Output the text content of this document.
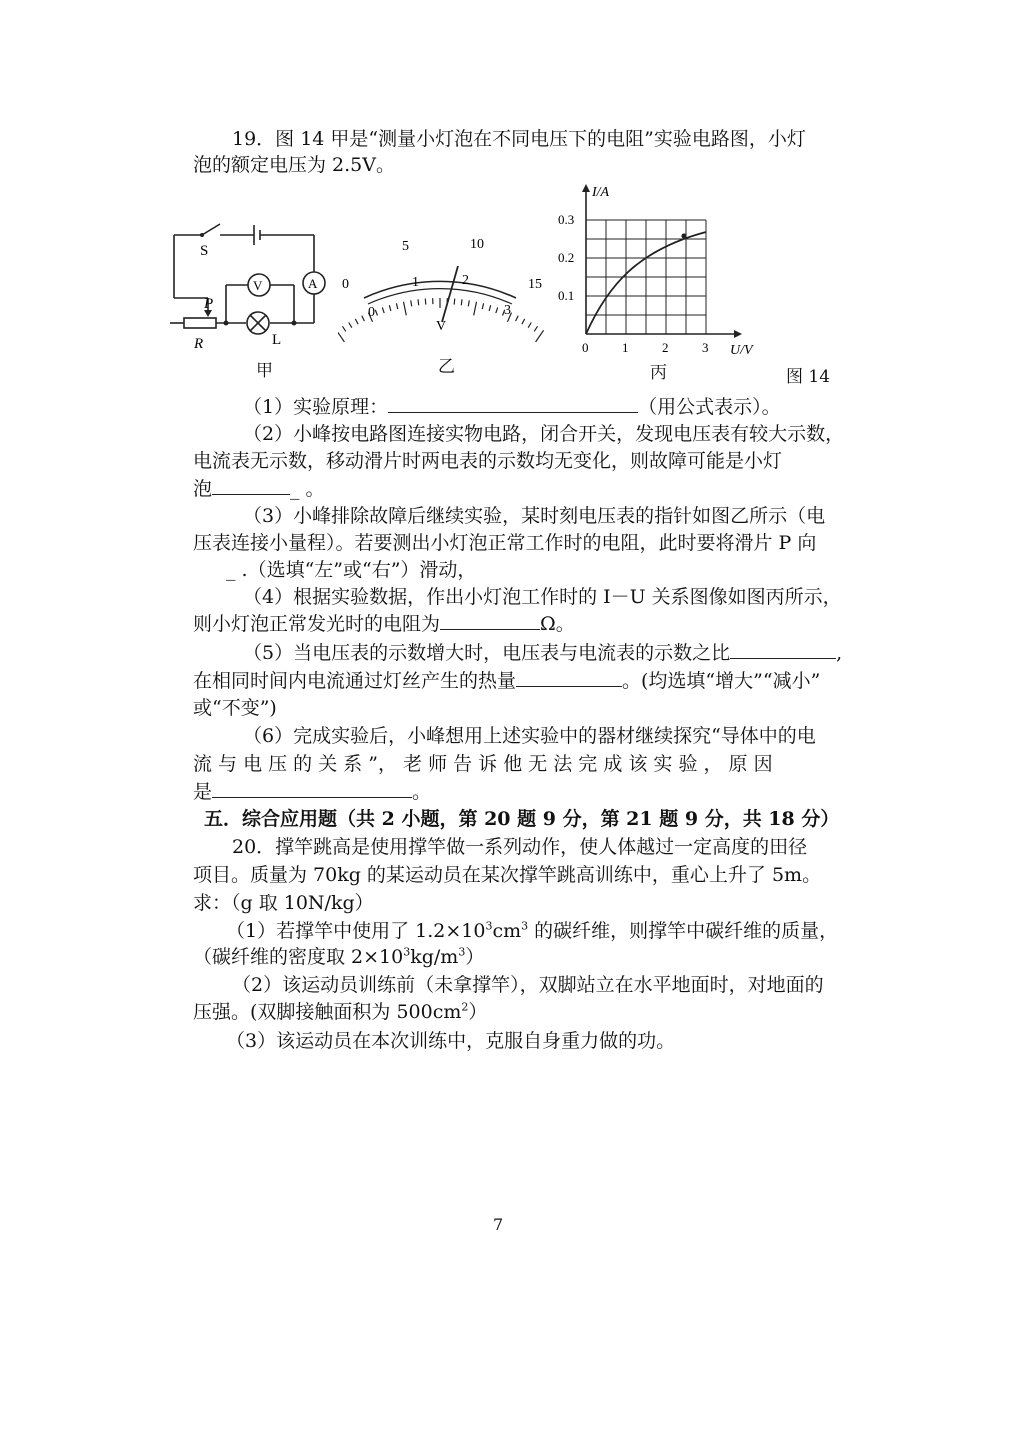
19．图 14 甲是“测量小灯泡在不同电压下的电阻”实验电路图，小灯
泡的额定电压为 2.5V。
S
V	A
P
R	L
甲
0
5	10
15
0
1	2
3
V
乙
I/A
0.3
0.2
0.1
0	1	2	3 U/V
丙	图 14
（1）实验原理：	（用公式表示）。
（2）小峰按电路图连接实物电路，闭合开关，发现电压表有较大示数，
电流表无示数，移动滑片时两电表的示数均无变化，则故障可能是小灯
泡	_ 。
（3）小峰排除故障后继续实验，某时刻电压表的指针如图乙所示（电
压表连接小量程）。若要测出小灯泡正常工作时的电阻，此时要将滑片 P 向
_ .（选填“左”或“右”）滑动，
（4）根据实验数据，作出小灯泡工作时的 I－U 关系图像如图丙所示，
则小灯泡正常发光时的电阻为	Ω。
（5）当电压表的示数增大时，电压表与电流表的示数之比	,
在相同时间内电流通过灯丝产生的热量	。(均选填“增大”“减小”
或“不变”)
（6）完成实验后，小峰想用上述实验中的器材继续探究“导体中的电
流 与 电 压 的 关 系 ”， 老 师 告 诉 他 无 法 完 成 该 实 验 ， 原 因
是	。
五．综合应用题（共 2 小题，第 20 题 9 分，第 21 题 9 分，共 18 分）
20．撑竿跳高是使用撑竿做一系列动作，使人体越过一定高度的田径
项目。质量为 70kg 的某运动员在某次撑竿跳高训练中，重心上升了 5m。
求：（g 取 10N/kg）
（1）若撑竿中使用了 $1.2\times 10^3cm^3$ 的碳纤维，则撑竿中碳纤维的质量，
（碳纤维的密度取 $2\times 10^3kg/m^3$）
（2）该运动员训练前（未拿撑竿），双脚站立在水平地面时，对地面的
压强。(双脚接触面积为 $500cm^2$）
（3）该运动员在本次训练中，克服自身重力做的功。
7
